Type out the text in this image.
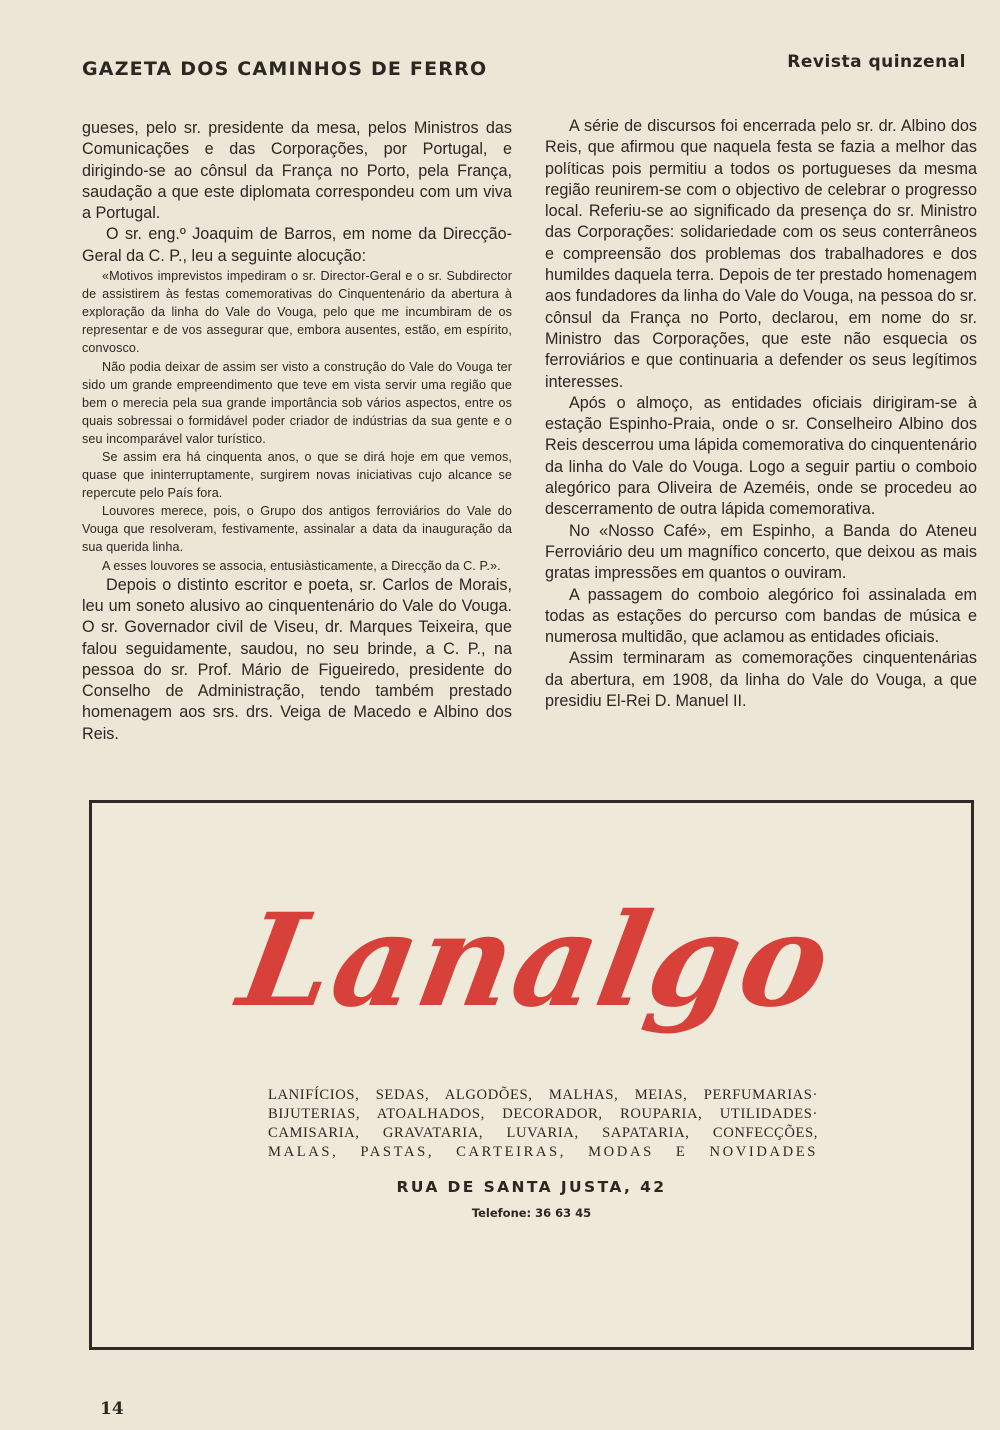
GAZETA DOS CAMINHOS DE FERRO	Revista quinzenal

gueses, pelo sr. presidente da mesa, pelos Ministros das Comunicações e das Corporações, por Portugal, e dirigindo-se ao cônsul da França no Porto, pela França, saudação a que este diplomata correspondeu com um viva a Portugal.

O sr. eng.º Joaquim de Barros, em nome da Direcção-Geral da C. P., leu a seguinte alocução:

«Motivos imprevistos impediram o sr. Director-Geral e o sr. Subdirector de assistirem às festas comemorativas do Cinquentenário da abertura à exploração da linha do Vale do Vouga, pelo que me incumbiram de os representar e de vos assegurar que, embora ausentes, estão, em espírito, convosco.

Não podia deixar de assim ser visto a construção do Vale do Vouga ter sido um grande empreendimento que teve em vista servir uma região que bem o merecia pela sua grande importância sob vários aspectos, entre os quais sobressai o formidável poder criador de indústrias da sua gente e o seu incomparável valor turístico.

Se assim era há cinquenta anos, o que se dirá hoje em que vemos, quase que ininterruptamente, surgirem novas iniciativas cujo alcance se repercute pelo País fora.

Louvores merece, pois, o Grupo dos antigos ferroviários do Vale do Vouga que resolveram, festivamente, assinalar a data da inauguração da sua querida linha.

A esses louvores se associa, entusiàsticamente, a Direcção da C. P.».

Depois o distinto escritor e poeta, sr. Carlos de Morais, leu um soneto alusivo ao cinquentenário do Vale do Vouga. O sr. Governador civil de Viseu, dr. Marques Teixeira, que falou seguidamente, saudou, no seu brinde, a C. P., na pessoa do sr. Prof. Mário de Figueiredo, presidente do Conselho de Administração, tendo também prestado homenagem aos srs. drs. Veiga de Macedo e Albino dos Reis.

A série de discursos foi encerrada pelo sr. dr. Albino dos Reis, que afirmou que naquela festa se fazia a melhor das políticas pois permitiu a todos os portugueses da mesma região reunirem-se com o objectivo de celebrar o progresso local. Referiu-se ao significado da presença do sr. Ministro das Corporações: solidariedade com os seus conterrâneos e compreensão dos problemas dos trabalhadores e dos humildes daquela terra. Depois de ter prestado homenagem aos fundadores da linha do Vale do Vouga, na pessoa do sr. cônsul da França no Porto, declarou, em nome do sr. Ministro das Corporações, que este não esquecia os ferroviários e que continuaria a defender os seus legítimos interesses.

Após o almoço, as entidades oficiais dirigiram-se à estação Espinho-Praia, onde o sr. Conselheiro Albino dos Reis descerrou uma lápida comemorativa do cinquentenário da linha do Vale do Vouga. Logo a seguir partiu o comboio alegórico para Oliveira de Azeméis, onde se procedeu ao descerramento de outra lápida comemorativa.

No «Nosso Café», em Espinho, a Banda do Ateneu Ferroviário deu um magnífico concerto, que deixou as mais gratas impressões em quantos o ouviram.

A passagem do comboio alegórico foi assinalada em todas as estações do percurso com bandas de música e numerosa multidão, que aclamou as entidades oficiais.

Assim terminaram as comemorações cinquentenárias da abertura, em 1908, da linha do Vale do Vouga, a que presidiu El-Rei D. Manuel II.

Lanalgo
LANIFÍCIOS, SEDAS, ALGODÕES, MALHAS, MEIAS, PERFUMARIAS·
BIJUTERIAS, ATOALHADOS, DECORADOR, ROUPARIA, UTILIDADES·
CAMISARIA, GRAVATARIA, LUVARIA, SAPATARIA, CONFECÇÕES,
MALAS, PASTAS, CARTEIRAS, MODAS E NOVIDADES
RUA DE SANTA JUSTA, 42
Telefone: 36 63 45
14
